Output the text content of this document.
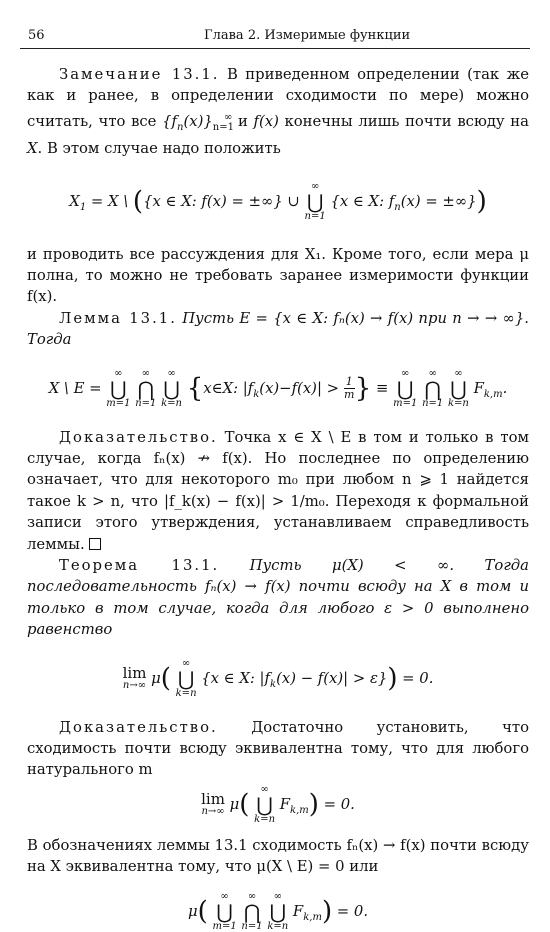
56	Глава 2. Измеримые функции

Замечание 13.1. В приведенном определении (так же как и ранее, в определении сходимости по мере) можно считать, что все $\{f_n(x)\}_{n=1}^\infty$ и f(x) конечны лишь почти всюду на X. В этом случае надо положить

$X_1 = X$ \ ({x ∈ X: f(x) = ±∞} ∪
∞
⋃
n=1
{x ∈ X: $f_n(x)$ = ±∞})

и проводить все рассуждения для X₁. Кроме того, если мера μ полна, то можно не требовать заранее измеримости функции f(x).

Лемма 13.1. Пусть E = {x ∈ X: fₙ(x) → f(x) при n → → ∞}. Тогда

X \ E =
∞
⋃
m=1

∞
⋂
n=1

∞
⋃
k=n
{x∈X: $|f_k(x)-f(x)| > \frac{1}{m}$ } ≡
∞
⋃
m=1

∞
⋂
n=1

∞
⋃
k=n
$F_{k,m}$.

Доказательство. Точка x ∈ X \ E в том и только в том случае, когда fₙ(x) ↛ f(x). Но последнее по определению означает, что для некоторого m₀ при любом n ⩾ 1 найдется такое k > n, что |f_k(x) − f(x)| > 1/m₀. Переходя к формальной записи этого утверждения, устанавливаем справедливость леммы.

Теорема 13.1. Пусть μ(X) < ∞. Тогда последовательность fₙ(x) → f(x) почти всюду на X в том и только в том случае, когда для любого ε > 0 выполнено равенство

lim
n→∞ μ(	∞
⋃
k=n
{x ∈ X: $|f_k(x) - f(x)| > \varepsilon\}) = 0$.

Доказательство. Достаточно установить, что сходимость почти всюду эквивалентна тому, что для любого натурального m

lim
n→∞ μ(	∞
⋃
k=n
$F_{k,m}) = 0$.

В обозначениях леммы 13.1 сходимость fₙ(x) → f(x) почти всюду на X эквивалентна тому, что μ(X \ E) = 0 или

μ(	∞
⋃
m=1

∞
⋂
n=1

∞
⋃
k=n
$F_{k,m}) = 0$.
